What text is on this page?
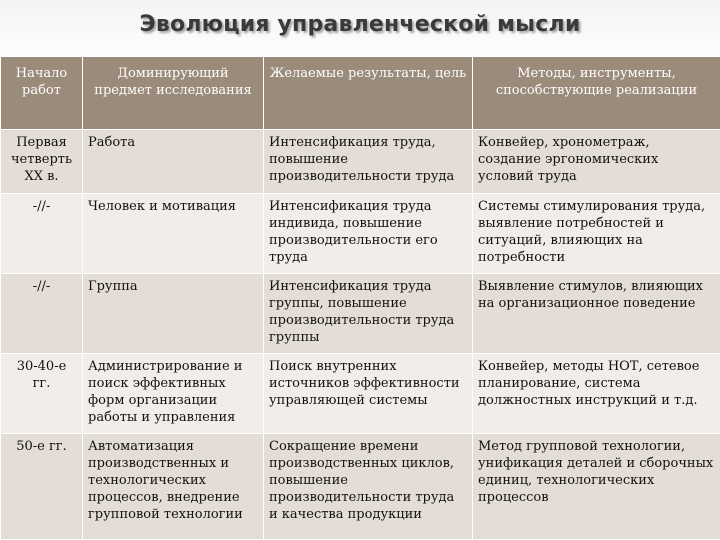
Эволюция управленческой мысли
Начало работ	Доминирующий предмет исследования	Желаемые результаты, цель	Методы, инструменты, способствующие реализации
Первая четверть ХХ в.	Работа	Интенсификация труда, повышение производительности труда	Конвейер, хронометраж, создание эргономических условий труда
-//-	Человек и мотивация	Интенсификация труда индивида, повышение производительности его труда	Системы стимулирования труда, выявление потребностей и ситуаций, влияющих на потребности
-//-	Группа	Интенсификация труда группы, повышение производительности труда группы	Выявление стимулов, влияющих на организационное поведение
30-40-е гг.	Администрирование и поиск эффективных форм организации работы и управления	Поиск внутренних источников эффективности управляющей системы	Конвейер, методы НОТ, сетевое планирование, система должностных инструкций и т.д.
50-е гг.	Автоматизация производственных и технологических процессов, внедрение групповой технологии	Сокращение времени производственных циклов, повышение производительности труда и качества продукции	Метод групповой технологии, унификация деталей и сборочных единиц, технологических процессов
